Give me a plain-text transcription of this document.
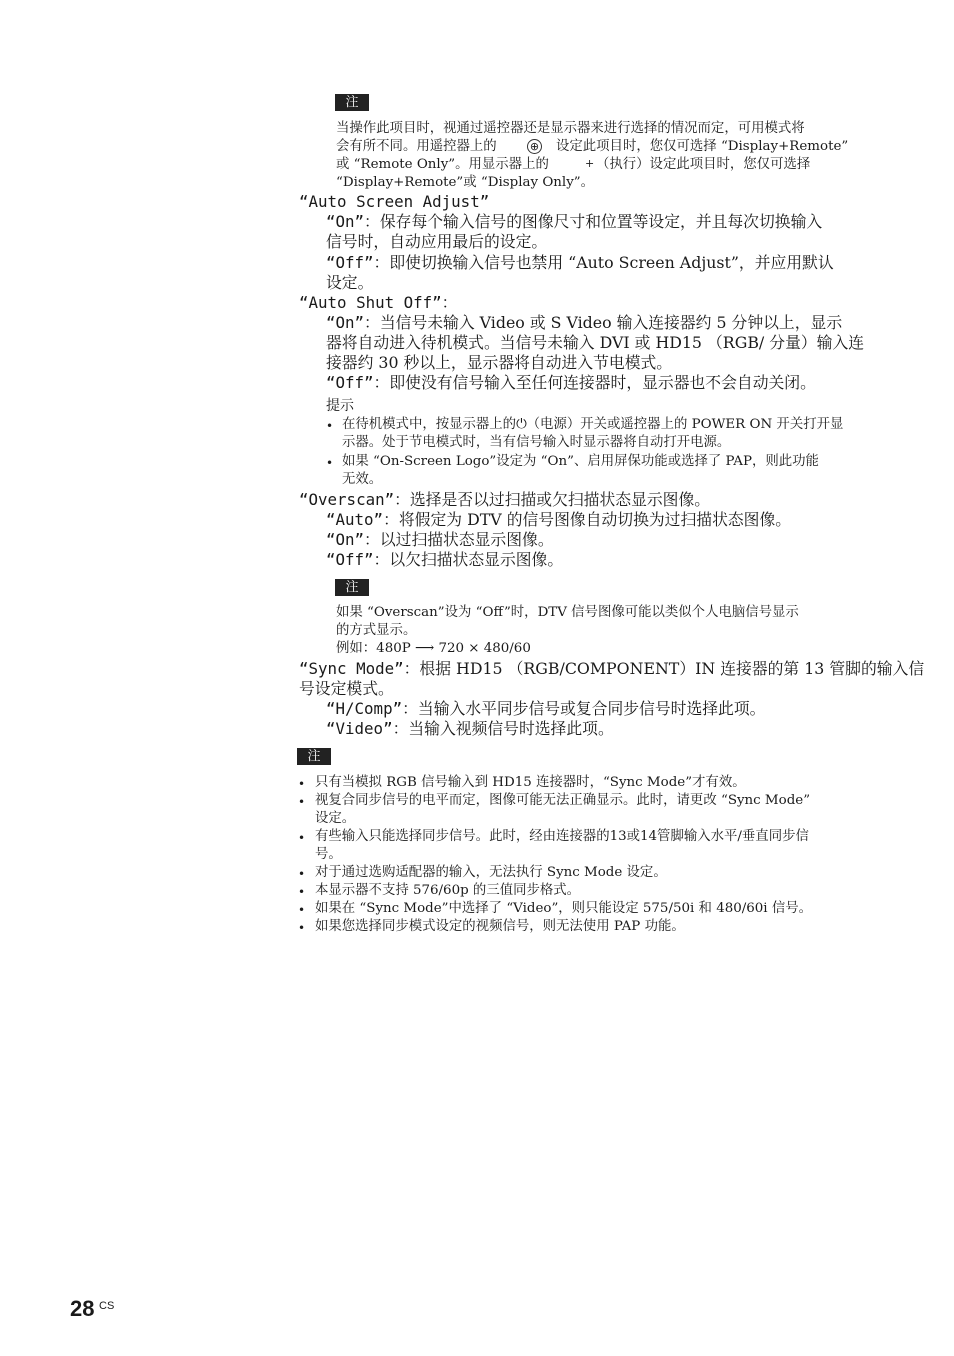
注
当操作此项目时，视通过遥控器还是显示器来进行选择的情况而定，可用模式将
会有所不同。用遥控器上的	⊕ 设定此项目时，您仅可选择 “Display+Remote”
或 “Remote Only”。用显示器上的	+ （执行）设定此项目时，您仅可选择
“Display+Remote”或 “Display Only”。
“Auto Screen Adjust”
“On”：保存每个输入信号的图像尺寸和位置等设定，并且每次切换输入
信号时，自动应用最后的设定。
“Off”：即使切换输入信号也禁用 “Auto Screen Adjust”，并应用默认
设定。
“Auto Shut Off”：
“On”：当信号未输入 Video 或 S Video 输入连接器约 5 分钟以上，显示
器将自动进入待机模式。当信号未输入 DVI 或 HD15 （RGB/ 分量）输入连
接器约 30 秒以上，显示器将自动进入节电模式。
“Off”：即使没有信号输入至任何连接器时，显示器也不会自动关闭。
提示
• 在待机模式中，按显示器上的⏻（电源）开关或遥控器上的 POWER ON 开关打开显
示器。处于节电模式时，当有信号输入时显示器将自动打开电源。
• 如果 “On-Screen Logo”设定为 “On”、启用屏保功能或选择了 PAP，则此功能
无效。
“Overscan”：选择是否以过扫描或欠扫描状态显示图像。
“Auto”：将假定为 DTV 的信号图像自动切换为过扫描状态图像。
“On”：以过扫描状态显示图像。
“Off”：以欠扫描状态显示图像。
注
如果 “Overscan”设为 “Off”时，DTV 信号图像可能以类似个人电脑信号显示
的方式显示。
例如：480P ⟶ 720 × 480/60
“Sync Mode”：根据 HD15 （RGB/COMPONENT）IN 连接器的第 13 管脚的输入信
号设定模式。
“H/Comp”：当输入水平同步信号或复合同步信号时选择此项。
“Video”：当输入视频信号时选择此项。
注
• 只有当模拟 RGB 信号输入到 HD15 连接器时，“Sync Mode”才有效。
• 视复合同步信号的电平而定，图像可能无法正确显示。此时，请更改 “Sync Mode”
设定。
• 有些输入只能选择同步信号。此时，经由连接器的13或14管脚输入水平/垂直同步信
号。
• 对于通过选购适配器的输入，无法执行 Sync Mode 设定。
• 本显示器不支持 576/60p 的三值同步格式。
• 如果在 “Sync Mode”中选择了 “Video”，则只能设定 575/50i 和 480/60i 信号。
• 如果您选择同步模式设定的视频信号，则无法使用 PAP 功能。
28 CS
